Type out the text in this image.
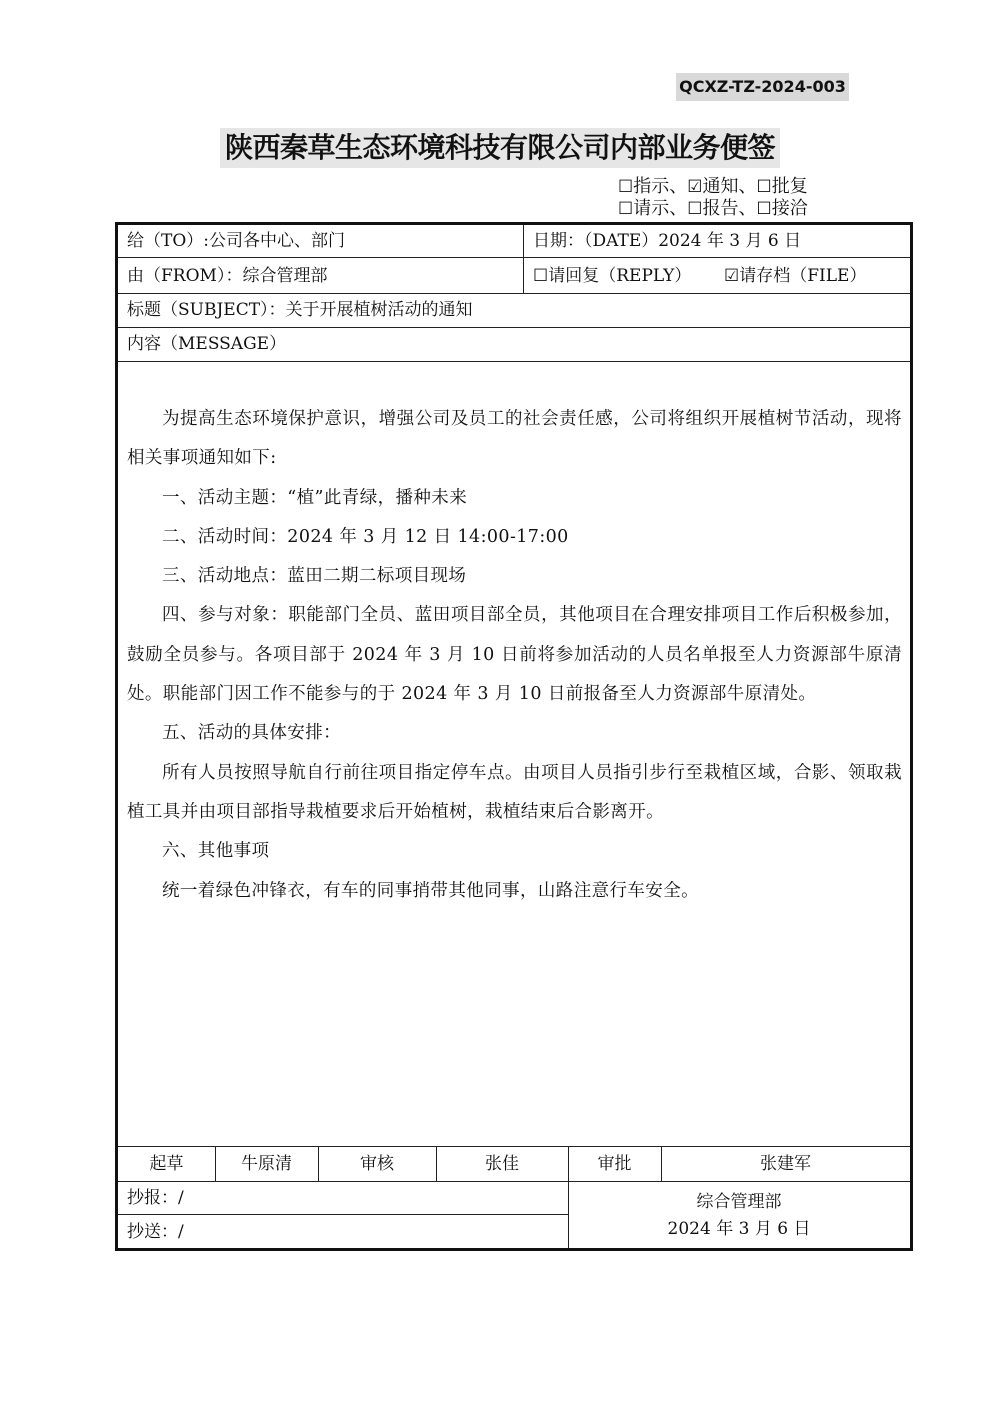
QCXZ-TZ-2024-003
陕西秦草生态环境科技有限公司内部业务便签
☐指示、☑通知、☐批复
☐请示、☐报告、☐接洽
给（TO）:公司各中心、部门	日期：（DATE）2024 年 3 月 6 日
由（FROM）：综合管理部	☐请回复（REPLY） ☑请存档（FILE）
标题（SUBJECT）：关于开展植树活动的通知
内容（MESSAGE）

为提高生态环境保护意识，增强公司及员工的社会责任感，公司将组织开展植树节活动，现将相关事项通知如下:

一、活动主题：“植”此青绿，播种未来

二、活动时间：2024 年 3 月 12 日 14:00-17:00

三、活动地点：蓝田二期二标项目现场

四、参与对象：职能部门全员、蓝田项目部全员，其他项目在合理安排项目工作后积极参加，鼓励全员参与。各项目部于 2024 年 3 月 10 日前将参加活动的人员名单报至人力资源部牛原清处。职能部门因工作不能参与的于 2024 年 3 月 10 日前报备至人力资源部牛原清处。

五、活动的具体安排：

所有人员按照导航自行前往项目指定停车点。由项目人员指引步行至栽植区域，合影、领取栽植工具并由项目部指导栽植要求后开始植树，栽植结束后合影离开。

六、其他事项

统一着绿色冲锋衣，有车的同事捎带其他同事，山路注意行车安全。

起草	牛原清	审核	张佳	审批	张建军
抄报：/
抄送：/
综合管理部
2024 年 3 月 6 日
